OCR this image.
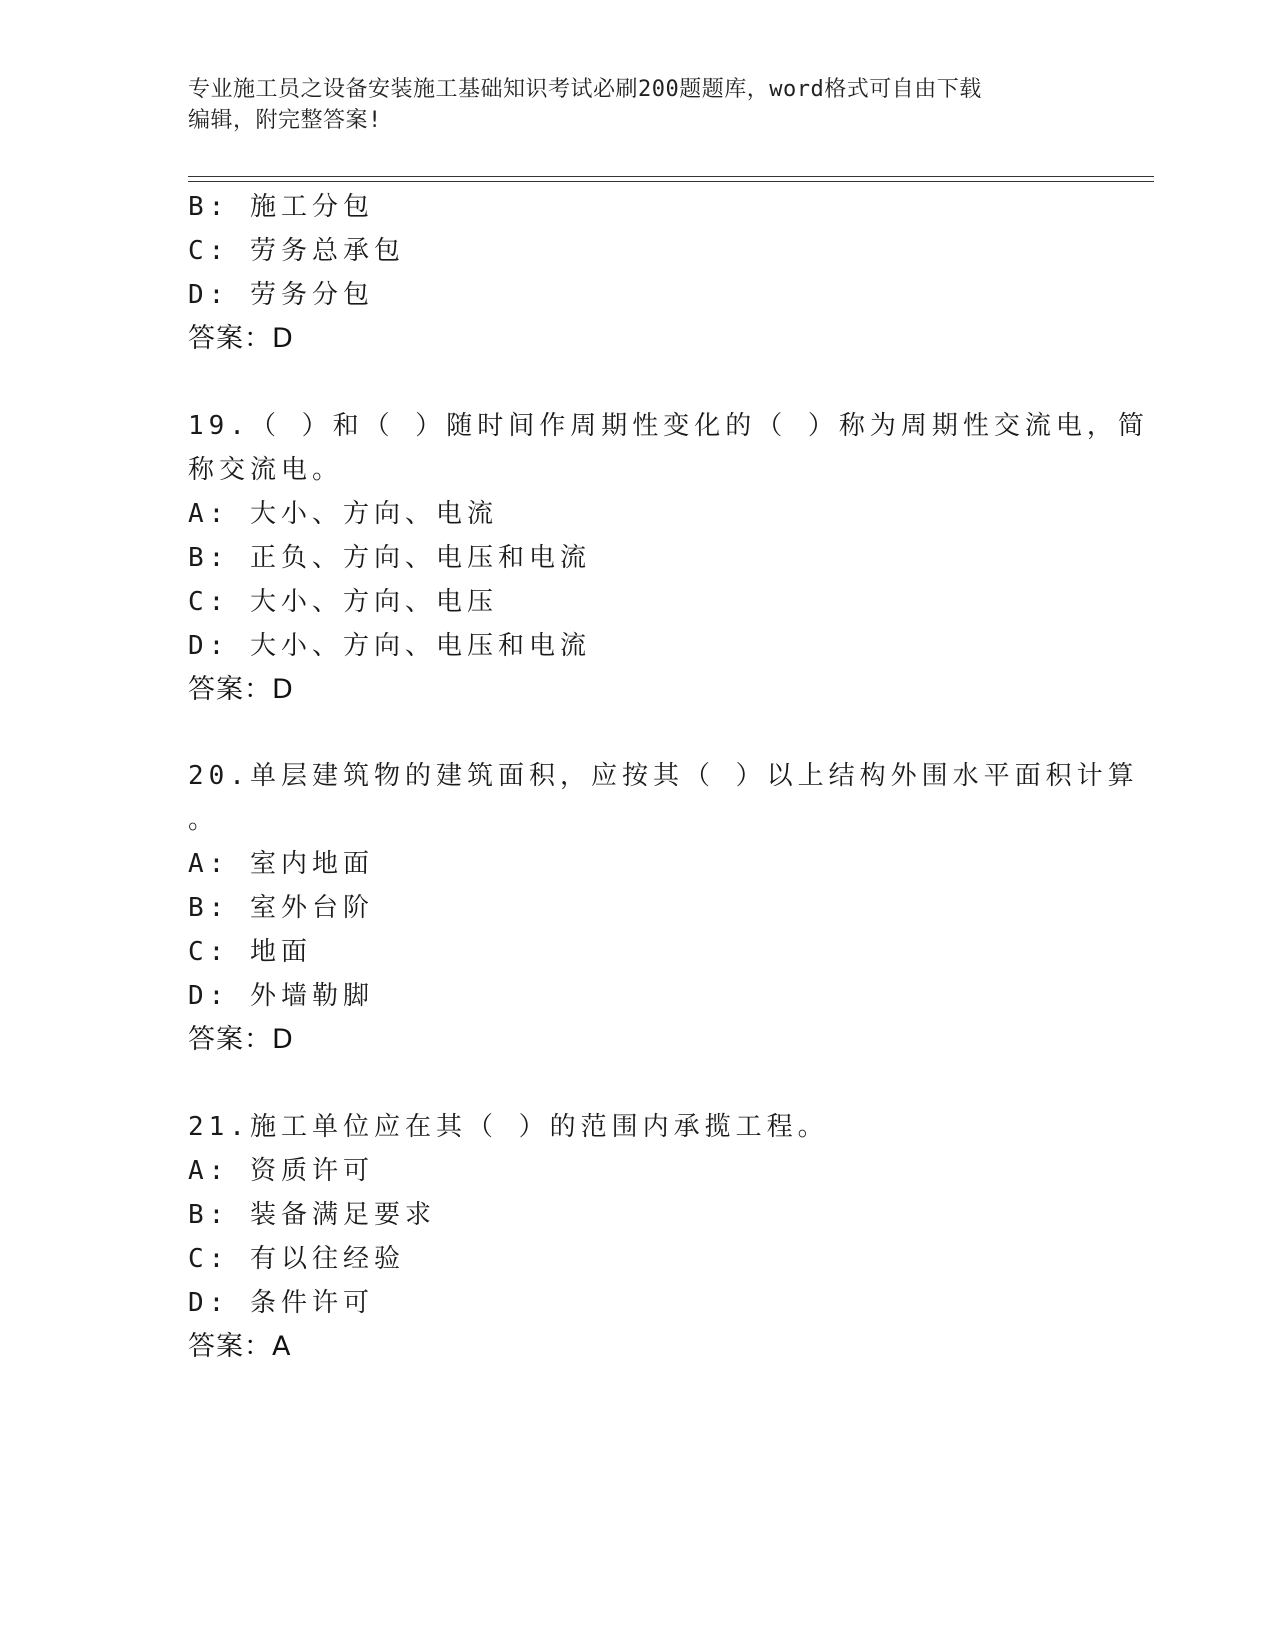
专业施工员之设备安装施工基础知识考试必刷200题题库，word格式可自由下载
编辑，附完整答案!
B: 施工分包
C: 劳务总承包
D: 劳务分包
答案：D
19.（ ）和（ ）随时间作周期性变化的（ ）称为周期性交流电，简
称交流电。
A: 大小、方向、电流
B: 正负、方向、电压和电流
C: 大小、方向、电压
D: 大小、方向、电压和电流
答案：D
20.单层建筑物的建筑面积，应按其（ ）以上结构外围水平面积计算
。
A: 室内地面
B: 室外台阶
C: 地面
D: 外墙勒脚
答案：D
21.施工单位应在其（ ）的范围内承揽工程。
A: 资质许可
B: 装备满足要求
C: 有以往经验
D: 条件许可
答案：A
